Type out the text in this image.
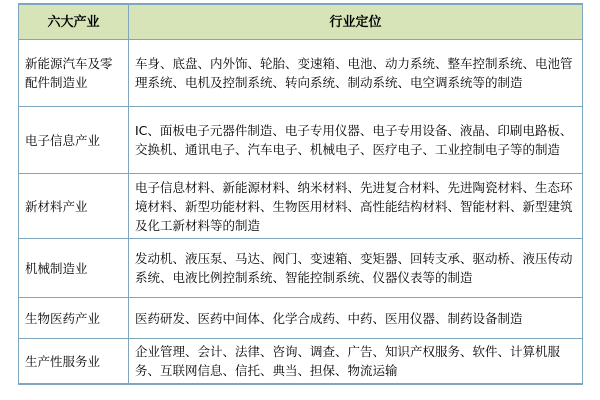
六大产业	行业定位
新能源汽车及零配件制造业	车身、底盘、内外饰、轮胎、变速箱、电池、动力系统、整车控制系统、电池管理系统、电机及控制系统、转向系统、制动系统、电空调系统等的制造
电子信息产业	IC、面板电子元器件制造、电子专用仪器、电子专用设备、液晶、印刷电路板、交换机、通讯电子、汽车电子、机械电子、医疗电子、工业控制电子等的制造
新材料产业	电子信息材料、新能源材料、纳米材料、先进复合材料、先进陶瓷材料、生态环境材料、新型功能材料、生物医用材料、高性能结构材料、智能材料、新型建筑及化工新材料等的制造
机械制造业	发动机、液压泵、马达、阀门、变速箱、变矩器、回转支承、驱动桥、液压传动系统、电液比例控制系统、智能控制系统、仪器仪表等的制造
生物医药产业	医药研发、医药中间体、化学合成药、中药、医用仪器、制药设备制造
生产性服务业	企业管理、会计、法律、咨询、调查、广告、知识产权服务、软件、计算机服务、互联网信息、信托、典当、担保、物流运输
